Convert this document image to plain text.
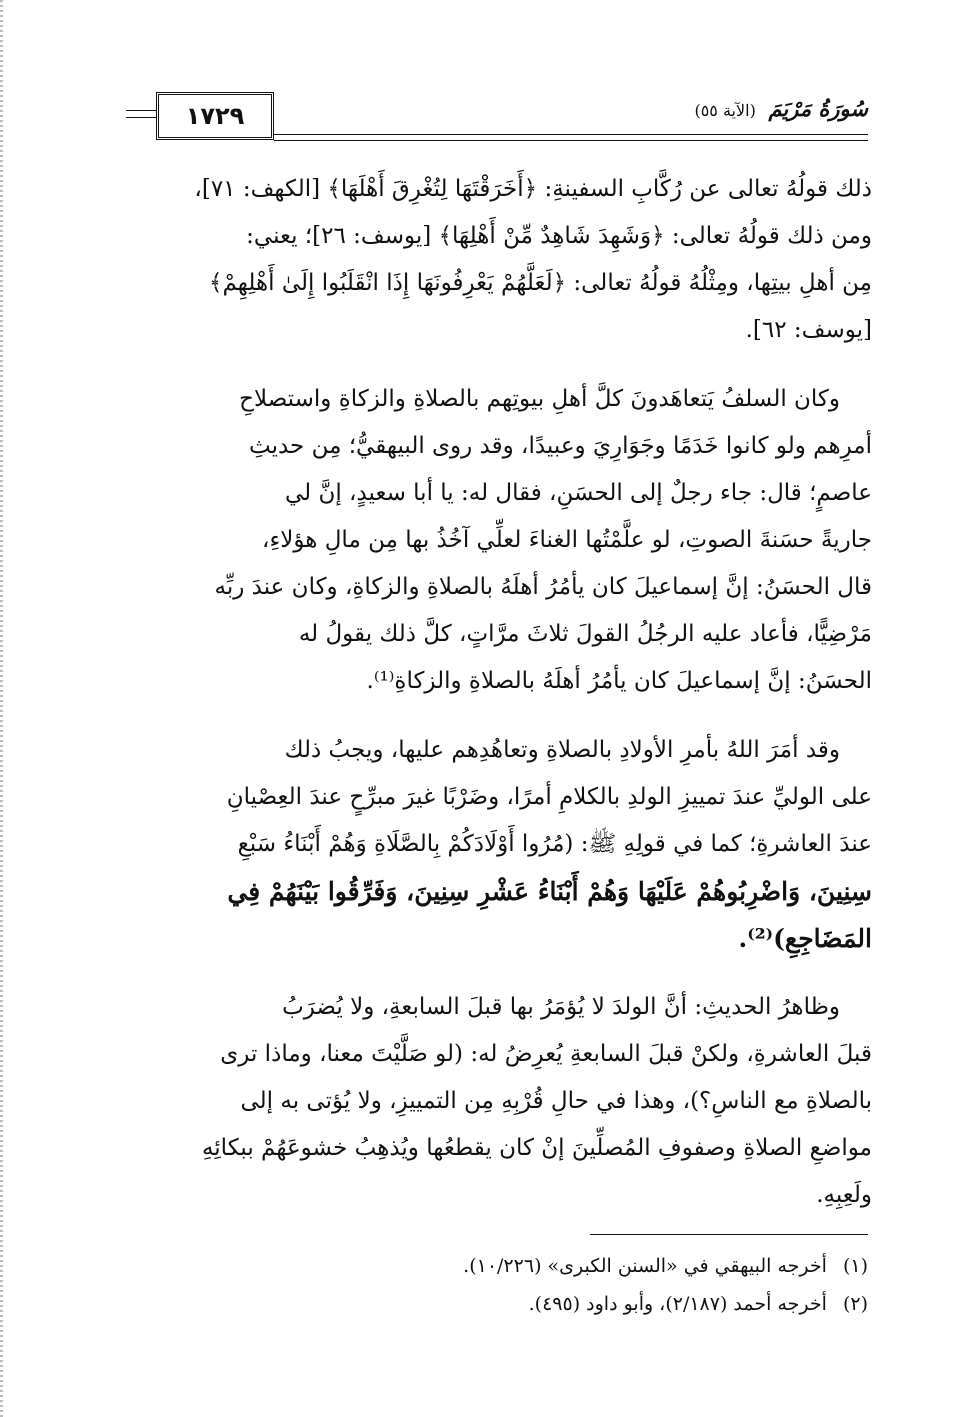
١٧٢٩	سُورَةُ مَرْيَمَ (الآية ٥٥)

ذلك قولُهُ تعالى عن رُكَّابِ السفينةِ: ﴿أَخَرَقْتَهَا لِتُغْرِقَ أَهْلَهَا﴾ [الكهف: ٧١]،

ومن ذلك قولُهُ تعالى: ﴿وَشَهِدَ شَاهِدٌ مِّنْ أَهْلِهَا﴾ [يوسف: ٢٦]؛ يعني:

مِن أهلِ بيتِها، ومِثْلُهُ قولُهُ تعالى: ﴿لَعَلَّهُمْ يَعْرِفُونَهَا إِذَا انْقَلَبُوا إِلَىٰ أَهْلِهِمْ﴾

[يوسف: ٦٢].

وكان السلفُ يَتعاهَدونَ كلَّ أهلِ بيوتِهم بالصلاةِ والزكاةِ واستصلاحِ

أمرِهم ولو كانوا خَدَمًا وجَوَارِيَ وعبيدًا، وقد روى البيهقيُّ؛ مِن حديثِ

عاصمٍ؛ قال: جاء رجلٌ إلى الحسَنِ، فقال له: يا أبا سعيدٍ، إنَّ لي

جاريةً حسَنةَ الصوتِ، لو علَّمْتُها الغناءَ لعلِّي آخُذُ بها مِن مالِ هؤلاءِ،

قال الحسَنُ: إنَّ إسماعيلَ كان يأمُرُ أهلَهُ بالصلاةِ والزكاةِ، وكان عندَ ربِّه

مَرْضِيًّا، فأعاد عليه الرجُلُ القولَ ثلاثَ مرَّاتٍ، كلَّ ذلك يقولُ له

الحسَنُ: إنَّ إسماعيلَ كان يأمُرُ أهلَهُ بالصلاةِ والزكاةِ⁽¹⁾.

وقد أمَرَ اللهُ بأمرِ الأولادِ بالصلاةِ وتعاهُدِهم عليها، ويجبُ ذلك

على الوليِّ عندَ تمييزِ الولدِ بالكلامِ أمرًا، وضَرْبًا غيرَ مبرِّحٍ عندَ العِصْيانِ

عندَ العاشرةِ؛ كما في قولِهِ ﷺ: (مُرُوا أَوْلَادَكُمْ بِالصَّلَاةِ وَهُمْ أَبْنَاءُ سَبْعِ

سِنِينَ، وَاضْرِبُوهُمْ عَلَيْهَا وَهُمْ أَبْنَاءُ عَشْرِ سِنِينَ، وَفَرِّقُوا بَيْنَهُمْ فِي

المَضَاجِعِ)⁽²⁾.

وظاهرُ الحديثِ: أنَّ الولدَ لا يُؤمَرُ بها قبلَ السابعةِ، ولا يُضرَبُ

قبلَ العاشرةِ، ولكنْ قبلَ السابعةِ يُعرِضُ له: (لو صَلَّيْتَ معنا، وماذا ترى

بالصلاةِ مع الناسِ؟)، وهذا في حالِ قُرْبِهِ مِن التمييزِ، ولا يُؤتى به إلى

مواضعِ الصلاةِ وصفوفِ المُصلِّينَ إنْ كان يقطعُها ويُذهِبُ خشوعَهُمْ ببكائِهِ

ولَعِبِهِ.

(١) أخرجه البيهقي في «السنن الكبرى» (١٠/٢٢٦).

(٢) أخرجه أحمد (٢/١٨٧)، وأبو داود (٤٩٥).
